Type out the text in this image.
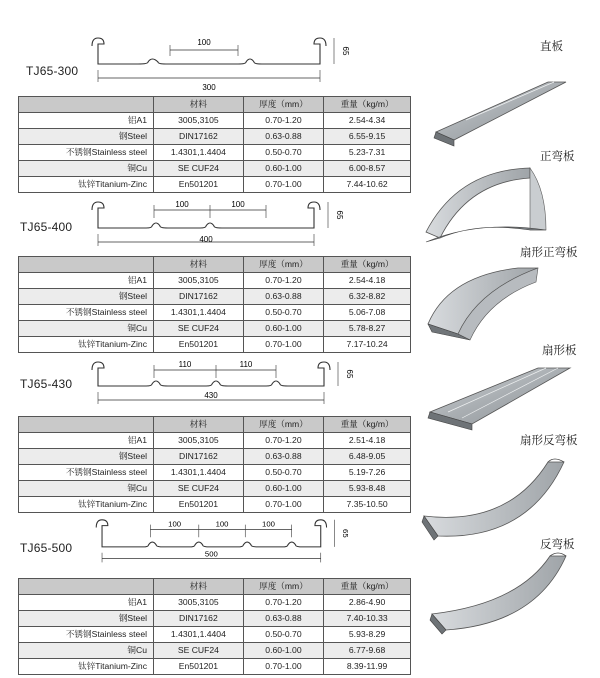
TJ65-300
100
300
65
	材料	厚度（mm）	重量（kg/m）
铝A1	3005,3105	0.70-1.20	2.54-4.34
钢Steel	DIN17162	0.63-0.88	6.55-9.15
不锈钢Stainless steel	1.4301,1.4404	0.50-0.70	5.23-7.31
铜Cu	SE CUF24	0.60-1.00	6.00-8.57
钛锌Titanium-Zinc	En501201	0.70-1.00	7.44-10.62
TJ65-400
100	100
400
65
	材料	厚度（mm）	重量（kg/m）
铝A1	3005,3105	0.70-1.20	2.54-4.18
钢Steel	DIN17162	0.63-0.88	6.32-8.82
不锈钢Stainless steel	1.4301,1.4404	0.50-0.70	5.06-7.08
铜Cu	SE CUF24	0.60-1.00	5.78-8.27
钛锌Titanium-Zinc	En501201	0.70-1.00	7.17-10.24
TJ65-430
110	110
430
65
	材料	厚度（mm）	重量（kg/m）
铝A1	3005,3105	0.70-1.20	2.51-4.18
钢Steel	DIN17162	0.63-0.88	6.48-9.05
不锈钢Stainless steel	1.4301,1.4404	0.50-0.70	5.19-7.26
铜Cu	SE CUF24	0.60-1.00	5.93-8.48
钛锌Titanium-Zinc	En501201	0.70-1.00	7.35-10.50
TJ65-500
100	100	100
500
65
	材料	厚度（mm）	重量（kg/m）
铝A1	3005,3105	0.70-1.20	2.86-4.90
钢Steel	DIN17162	0.63-0.88	7.40-10.33
不锈钢Stainless steel	1.4301,1.4404	0.50-0.70	5.93-8.29
铜Cu	SE CUF24	0.60-1.00	6.77-9.68
钛锌Titanium-Zinc	En501201	0.70-1.00	8.39-11.99
直板
正弯板
扇形正弯板
扇形板
扇形反弯板
反弯板
